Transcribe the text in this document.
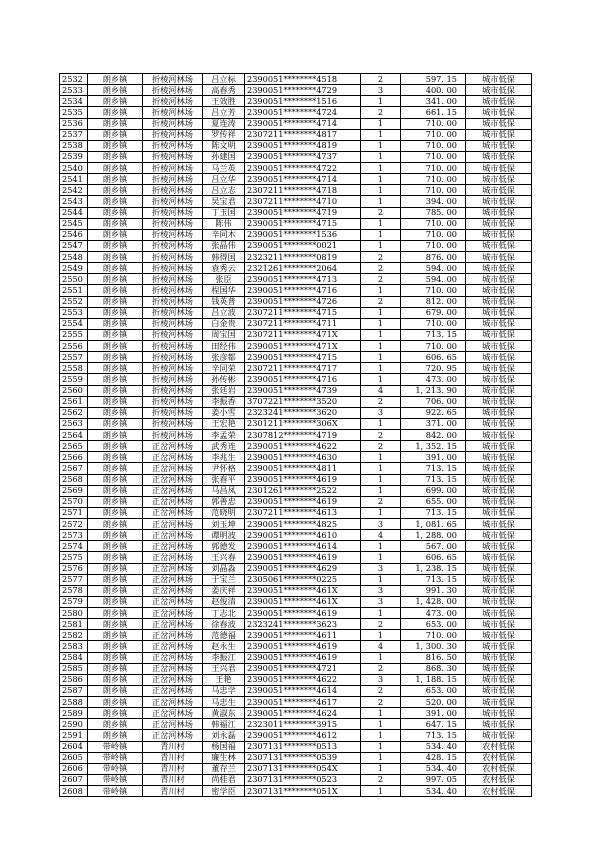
2532	朗乡镇	折棱河林场	吕立标	2390051********4518	2	597. 15	城市低保
2533	朗乡镇	折棱河林场	高春秀	2390051********4729	3	400. 00	城市低保
2534	朗乡镇	折棱河林场	王效胜	2390051********1516	1	341. 00	城市低保
2535	朗乡镇	折棱河林场	吕立芳	2390051********4724	2	661. 15	城市低保
2536	朗乡镇	折棱河林场	夏连涛	2390051********4714	1	710. 00	城市低保
2537	朗乡镇	折棱河林场	罗传祥	2307211********4817	1	710. 00	城市低保
2538	朗乡镇	折棱河林场	陈文明	2390051********4819	1	710. 00	城市低保
2539	朗乡镇	折棱河林场	孙建国	2390051********4737	1	710. 00	城市低保
2540	朗乡镇	折棱河林场	马兰英	2390051********4722	1	710. 00	城市低保
2541	朗乡镇	折棱河林场	吕立华	2390051********4714	1	710. 00	城市低保
2542	朗乡镇	折棱河林场	吕立志	2307211********4718	1	710. 00	城市低保
2543	朗乡镇	折棱河林场	吴宝君	2307211********4710	1	394. 00	城市低保
2544	朗乡镇	折棱河林场	丁玉国	2390051********4719	2	785. 00	城市低保
2545	朗乡镇	折棱河林场	陈伟	2390051********4715	1	710. 00	城市低保
2546	朗乡镇	折棱河林场	辛同木	2390051********1536	1	710. 00	城市低保
2547	朗乡镇	折棱河林场	张晶伟	2390051********0021	1	710. 00	城市低保
2548	朗乡镇	折棱河林场	韩得国	2323211********0819	2	876. 00	城市低保
2549	朗乡镇	折棱河林场	袁秀云	2321261********2064	2	594. 00	城市低保
2550	朗乡镇	折棱河林场	张臣	2390051********4713	2	594. 00	城市低保
2551	朗乡镇	折棱河林场	程国华	2390051********4716	1	710. 00	城市低保
2552	朗乡镇	折棱河林场	钱英普	2390051********4726	2	812. 00	城市低保
2553	朗乡镇	折棱河林场	吕立波	2307211********4715	1	679. 00	城市低保
2554	朗乡镇	折棱河林场	白金贵	2307211********4711	1	710. 00	城市低保
2555	朗乡镇	折棱河林场	周宝国	2307211********471X	1	713. 15	城市低保
2556	朗乡镇	折棱河林场	田经伟	2390051********471X	1	710. 00	城市低保
2557	朗乡镇	折棱河林场	张彦都	2390051********4715	1	606. 65	城市低保
2558	朗乡镇	折棱河林场	辛同荣	2307211********4717	1	720. 95	城市低保
2559	朗乡镇	折棱河林场	孙传彬	2390051********4716	1	473. 00	城市低保
2560	朗乡镇	折棱河林场	张廷岩	2390051********4739	4	1, 213. 90	城市低保
2561	朗乡镇	折棱河林场	李振香	3707221********3520	2	706. 00	城市低保
2562	朗乡镇	折棱河林场	姜小雪	2323241********3620	3	922. 65	城市低保
2563	朗乡镇	折棱河林场	王宏艳	2301211********306X	1	371. 00	城市低保
2564	朗乡镇	折棱河林场	李孟荣	2307812********4719	2	842. 00	城市低保
2565	朗乡镇	正岔河林场	武秀连	2390051********4622	2	1, 352. 15	城市低保
2566	朗乡镇	正岔河林场	李兆生	2390051********4630	1	391. 00	城市低保
2567	朗乡镇	正岔河林场	尹怀格	2390051********4811	1	713. 15	城市低保
2568	朗乡镇	正岔河林场	张春平	2390051********4619	1	713. 15	城市低保
2569	朗乡镇	正岔河林场	马昌凤	2301261********2522	1	699. 00	城市低保
2570	朗乡镇	正岔河林场	郭善忠	2390051********4619	2	655. 00	城市低保
2571	朗乡镇	正岔河林场	范晓明	2307211********4613	1	713. 15	城市低保
2572	朗乡镇	正岔河林场	刘玉坤	2390051********4825	3	1, 081. 65	城市低保
2573	朗乡镇	正岔河林场	谭明波	2390051********4610	4	1, 288. 00	城市低保
2574	朗乡镇	正岔河林场	郭德发	2390051********4614	1	567. 00	城市低保
2575	朗乡镇	正岔河林场	王兴春	2390051********4619	1	606. 65	城市低保
2576	朗乡镇	正岔河林场	刘晶淼	2390051********4629	3	1, 238. 15	城市低保
2577	朗乡镇	正岔河林场	于宝兰	2305061********0225	1	713. 15	城市低保
2578	朗乡镇	正岔河林场	姜庆祥	2390051********461X	3	991. 30	城市低保
2579	朗乡镇	正岔河林场	赵俊清	2390051********461X	3	1, 428. 00	城市低保
2580	朗乡镇	正岔河林场	丁志北	2390051********4619	1	473. 00	城市低保
2581	朗乡镇	正岔河林场	徐春波	2323241********3623	2	653. 00	城市低保
2582	朗乡镇	正岔河林场	范德福	2390051********4611	1	710. 00	城市低保
2583	朗乡镇	正岔河林场	赵永生	2390051********4619	4	1, 300. 30	城市低保
2584	朗乡镇	正岔河林场	李振江	2390051********4619	1	816. 50	城市低保
2585	朗乡镇	正岔河林场	王兴君	2390051********4721	2	868. 30	城市低保
2586	朗乡镇	正岔河林场	王艳	2390051********4622	3	1, 188. 15	城市低保
2587	朗乡镇	正岔河林场	马忠学	2390051********4614	2	653. 00	城市低保
2588	朗乡镇	正岔河林场	马忠生	2390051********4617	2	520. 00	城市低保
2589	朗乡镇	正岔河林场	黄淑东	2390051********4624	1	391. 00	城市低保
2590	朗乡镇	正岔河林场	韩福江	2323011********3915	1	647. 15	城市低保
2591	朗乡镇	正岔河林场	刘永磊	2390051********4612	1	713. 15	城市低保
2604	带岭镇	青川村	杨国福	2307131********0513	1	534. 40	农村低保
2605	带岭镇	青川村	廉生林	2307131********0539	1	428. 15	农村低保
2606	带岭镇	青川村	董存兰	2307131********054X	1	534. 40	农村低保
2607	带岭镇	青川村	尚桂君	2307131********0523	2	997. 05	农村低保
2608	带岭镇	青川村	密学臣	2307131********051X	1	534. 40	农村低保
